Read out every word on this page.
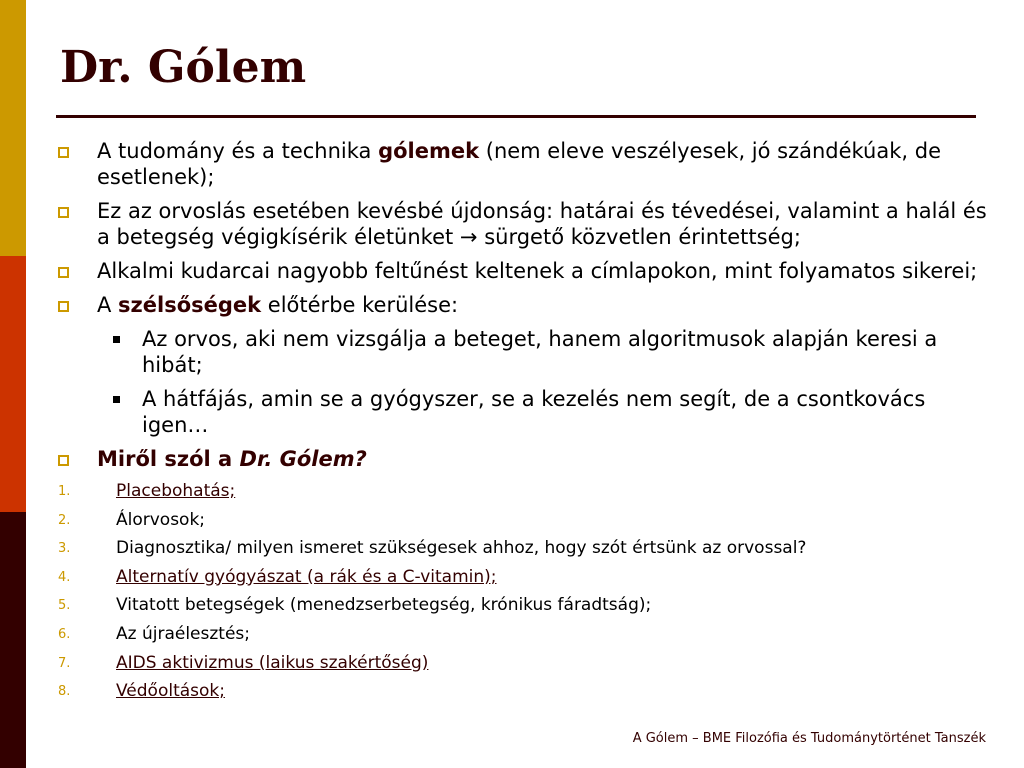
Dr. Gólem
A tudomány és a technika gólemek (nem eleve veszélyesek, jó szándékúak, de esetlenek);
Ez az orvoslás esetében kevésbé újdonság: határai és tévedései, valamint a halál és a betegség végigkísérik életünket → sürgető közvetlen érintettség;
Alkalmi kudarcai nagyobb feltűnést keltenek a címlapokon, mint folyamatos sikerei;
A szélsőségek előtérbe kerülése:
Az orvos, aki nem vizsgálja a beteget, hanem algoritmusok alapján keresi a hibát;
A hátfájás, amin se a gyógyszer, se a kezelés nem segít, de a csontkovács igen…
Miről szól a Dr. Gólem?
1.	Placebohatás;
2.	Álorvosok;
3.	Diagnosztika/ milyen ismeret szükségesek ahhoz, hogy szót értsünk az orvossal?
4.	Alternatív gyógyászat (a rák és a C-vitamin);
5.	Vitatott betegségek (menedzserbetegség, krónikus fáradtság);
6.	Az újraélesztés;
7.	AIDS aktivizmus (laikus szakértőség)
8.	Védőoltások;
A Gólem – BME Filozófia és Tudománytörténet Tanszék
